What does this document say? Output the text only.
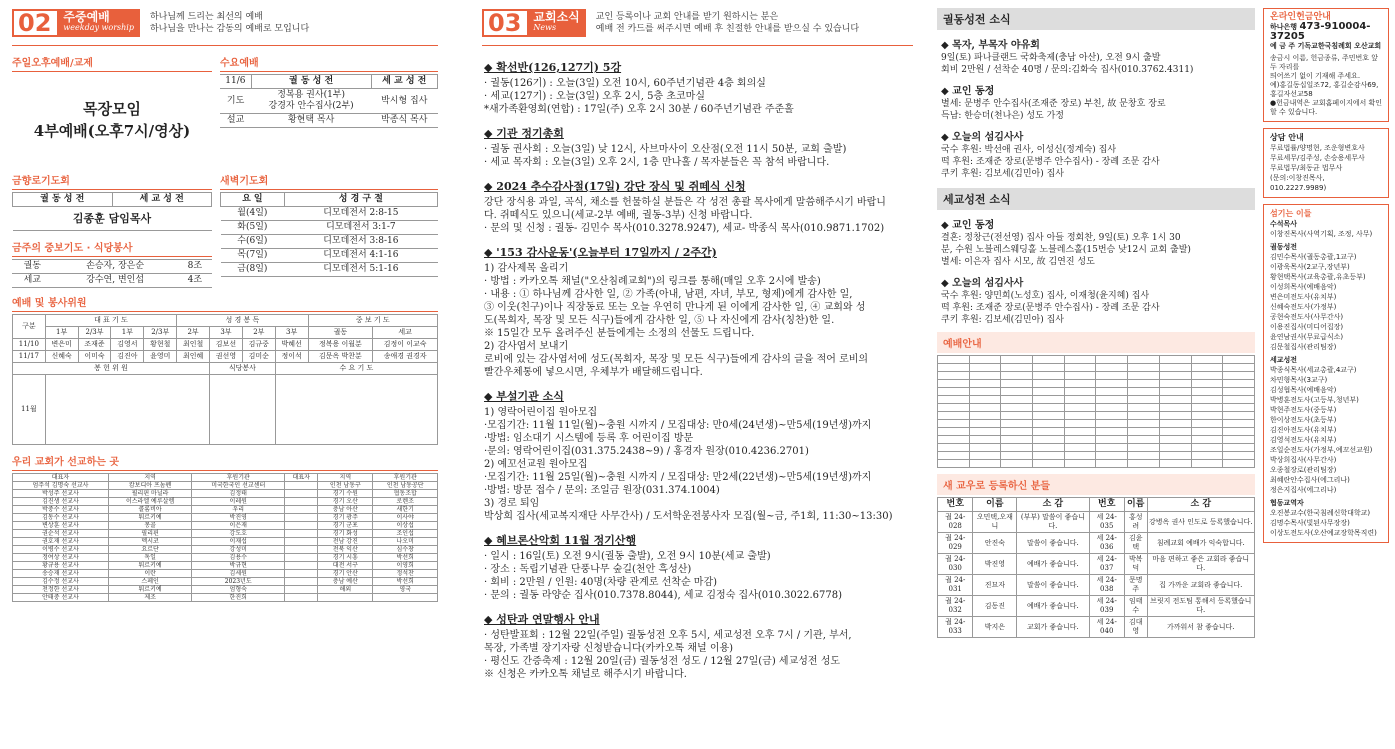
02	주중예배
weekday worship
하나님께 드리는 최선의 예배
하나님을 만나는 감동의 예배로 모입니다
주일오후예배/교제
목장모임
4부예배(오후7시/영상)
수요예배
11/6	궐 동 성 전	세 교 성 전
기도	정복용 권사(1부)
강경자 안수집사(2부)	박시형 집사
설교	황현택 목사	박종식 목사
금향로기도회
궐 동 성 전	세 교 성 전
김종훈 담임목사
금주의 중보기도 · 식당봉사
궐동	손승자, 장은순	8조
세교	강수연, 변인섭	4조
새벽기도회
요 일	성 경 구 절
월(4일)	디모데전서 2:8-15
화(5일)	디모데전서 3:1-7
수(6일)	디모데전서 3:8-16
목(7일)	디모데전서 4:1-16
금(8일)	디모데전서 5:1-16
예배 및 봉사위원
구분	대 표 기 도				성 경 봉 독				중 보 기 도	
	1부	2/3부	1부	2/3부	2부	3부	2부	3부	궐동	세교
11/10	변은미	조재준	김영서	황현철	최인철	김보선	김규중	박혜선	정복용 이월분	김정이 이교숙
11/17	신혜숙	이미숙	김진아	윤영미	최인혜	권선영	김미순	정이석	김문옥 박찬분	송애경 권경자
봉 헌 위 원						식당봉사		수 요 기 도		
11월										
우리 교회가 선교하는 곳
대표자	지역	후원기관	대표자	지역	후원기관
엄주석 김명숙 선교사	캄보디아 프놈펜	미국한국인 선교센터		인천 남동구	인천 남동공단
박성주 선교사	필리핀 마닐라	김정태		경기 수원	협동조합
김진생 선교사	이스라엘 예루살렘	이레원		경기 오산	로렌조
박중수 선교사	콜롬비아	우리		충남 아산	새한기
김동수 선교사	튀르키예	박진영		경기 광주	이사야
변상훈 선교사	몽골	이은재		경기 군포	이상섭
권순석 선교사	필리핀	강도호		경기 화성	조인섭
권호재 선교사	멕시코	이재섭		전남 강진	나오미
이병수 선교사	요르단	강성미		전북 익산	심수창
정여상 선교사	독일	김용수		경기 시흥	박선희
황규용 선교사	튀르키예	박규현		대전 서구	이영희
송승재 선교사	이란	김세원		경기 안산	정석찬
김수정 선교사	스페인	2023년도		충남 예산	박선희
천정한 선교사	튀르키예	엄형숙		해외	영국
안태중 선교사	제조	한진희			
03	교회소식
News
교인 등록이나 교회 안내를 받기 원하시는 분은
예배 전 카드를 써주시면 예배 후 친절한 안내를 받으실 수 있습니다
◆ 확선반(126,127기) 5강

· 궐동(126기) : 오늘(3일) 오전 10시, 60주년기념관 4층 회의실

· 세교(127기) : 오늘(3일) 오후 2시, 5층 초코마실

*새가족환영회(연합) : 17일(주) 오후 2시 30분 / 60주년기념관 주준홀

◆ 기관 정기총회

· 궐동 권사회 : 오늘(3일) 낮 12시, 사브마사이 오산점(오전 11시 50분, 교회 출발)

· 세교 목자회 : 오늘(3일) 오후 2시, 1층 만나홀 / 목자분들은 꼭 참석 바랍니다.

◆ 2024 추수감사절(17일) 강단 장식 및 쥐떼식 신청

강단 장식용 과일, 곡식, 채소를 헌물하실 분들은 각 성전 총괄 목사에게 말씀해주시기 바랍니

다. 쥐떼식도 있으니(세교-2부 예배, 궐동-3부) 신청 바랍니다.

· 문의 및 신청 : 궐동- 김민수 목사(010.3278.9247), 세교- 박종식 목사(010.9871.1702)

◆ '153 감사운동'(오늘부터 17일까지 / 2주간)

1) 감사제목 올리기

· 방법 : 카카오톡 채널("오산침례교회")의 링크를 통해(매일 오후 2시에 발송)

· 내용 : ① 하나님께 감사한 일, ② 가족(아내, 남편, 자녀, 부모, 형제)에게 감사한 일,

③ 이웃(친구)이나 직장동료 또는 오늘 우연히 만나게 된 이에게 감사한 일, ④ 교회와 성

도(목회자, 목장 및 모든 식구)들에게 감사한 일, ⑤ 나 자신에게 감사(칭찬)한 일.

※ 15일간 모두 올려주신 분들에게는 소정의 선물도 드립니다.

2) 감사엽서 보내기

로비에 있는 감사엽서에 성도(목회자, 목장 및 모든 식구)들에게 감사의 글을 적어 로비의

빨간우체통에 넣으시면, 우체부가 배달해드립니다.

◆ 부설기관 소식

1) 영락어린이집 원아모집

·모집기간: 11월 11일(월)~충원 시까지 / 모집대상: 만0세(24년생)~만5세(19년생)까지

·방법: 임소대기 시스템에 등록 후 어린이집 방문

·문의: 영락어린이집(031.375.2438~9) / 홍경자 원장(010.4236.2701)

2) 예꼬선교원 원아모집

·모집기간: 11월 25일(월)~충원 시까지 / 모집대상: 만2세(22년생)~만5세(19년생)까지

·방법: 방문 접수 / 문의: 조일금 원장(031.374.1004)

3) 경로 퇴임

박상희 집사(세교복지재단 사무간사) / 도서학운전봉사자 모집(월~금, 주1회, 11:30~13:30)

◆ 혜브론산악회 11월 정기산행

· 일시 : 16일(토) 오전 9시(궐동 출발), 오전 9시 10분(세교 출발)

· 장소 : 독립기념관 단풍나무 숲길(천안 흑성산)

· 회비 : 2만원 / 인원: 40명(차량 관계로 선착순 마감)

· 문의 : 궐동 라양순 집사(010.7378.8044), 세교 김정숙 집사(010.3022.6778)

◆ 성탄과 연말행사 안내

· 성탄발표회 : 12월 22일(주일) 궐동성전 오후 5시, 세교성전 오후 7시 / 기관, 부서,

목장, 가족별 장기자랑 신청받습니다(카카오톡 채널 이용)

· 평신도 간증축제 : 12월 20일(금) 궐동성전 성도 / 12월 27일(금) 세교성전 성도

※ 신청은 카카오톡 채널로 해주시기 바랍니다.

궐동성전 소식
◆ 목자, 부목자 야유회

9일(토) 파나클랜드 국화축제(충남 아산), 오전 9시 출발

회비 2만원 / 선착순 40명 / 문의:김화숙 집사(010.3762.4311)

◆ 교인 동정

별세: 문병주 안수집사(조재준 장로) 부친, 故 문창호 장로

득남: 한승더(천나은) 성도 가정

◆ 오늘의 섬김사사

국수 후원: 박선애 권사, 이성신(정계숙) 집사

떡 후원: 조재준 장로(문병주 안수집사) - 장례 조문 감사

쿠키 후원: 김보세(김민아) 집사

세교성전 소식
◆ 교인 동정

결혼: 정창근(전선영) 집사 아들 정회찬, 9일(토) 오후 1시 30

분, 수원 노블레스웨딩홀 노블레스홀(15번승 낮12시 교회 출발)

별세: 이은자 집사 시모, 故 김연진 성도

◆ 오늘의 섬김사사

국수 후원: 양민희(노성호) 집사, 이재청(윤지혜) 집사

떡 후원: 조재준 장로(문병주 안수집사) - 장례 조문 감사

쿠키 후원: 김보세(김민아) 집사

예배안내

새 교우로 등록하신 분들
번호	이름	소 감	번호	이름	소 감
궐 24-028	오민택,오재니	(부부) 말씀이 좋습니다.	세 24-035	홍성려	강병옥 권사 인도로 등록했습니다.
궐 24-029	안진숙	말씀이 좋습니다.	세 24-036	김윤택	침례교회 예배가 익숙합니다.
궐 24-030	박진영	예배가 좋습니다.	세 24-037	박복덕	마음 편하고 좋은 교회라 좋습니다.
궐 24-031	진묘자	말씀이 좋습니다.	세 24-038	문명주	집 가까운 교회라 좋습니다.
궐 24-032	김동진	예배가 좋습니다.	세 24-039	임태수	브릿지 전도팀 통해서 등록했습니다.
궐 24-033	박지은	교회가 좋습니다.	세 24-040	김대영	가까워서 참 좋습니다.
온라인헌금안내
하나은행 473-910004-37205
예 금 주 기독교한국침례회 오산교회
송금시 이름, 헌금종류, 주민번호 앞 두 자리를
띄어쓰기 없이 기재해 주세요.
예)홍길동십일조72, 홍길순감사69, 홍길자선교58
●헌금내역은 교회홈페이지에서 확인할 수 있습니다.
상담 안내
무료법률/양명현, 조운형변호사
무료세무/김주성, 손승용세무사
무료법무/최동균 법무사
(문의:이창진목사, 010.2227.9989)
섬기는 이들
수석목사
이창진목사(사역기획, 조정, 사무)
궐동성전
김민수목사(궐동총괄,1교구)
이광욱목사(2교구,장년부)
황현택목사(교육총괄,유초등부)
이성희목사(예배음악)
변은미전도사(유치부)
신혜숙전도사(가정부)
공현숙전도사(사무간사)
이용진집사(미디어집장)
윤연남권사(무료급식소)
김문철집사(관리팀장)
세교성전
박종식목사(세교총괄,4교구)
차민형목사(3교구)
김성협목사(예배음악)
박병훈전도사(고등부,청년부)
박현주전도사(중등부)
한이상전도사(초등부)
김진아전도사(유치부)
김영석전도사(유치부)
조일순전도사(가정부,예꼬선교원)
박상희집사(사무간사)
오종철장로(관리팀장)
최혜란안수집사(에그리나)
정은지집사(에그리나)
협동교역자
오진봉교수(한국침례신학대학교)
김명수목사(빛된사무장장)
이상도전도사(오산예교장학목직련)
